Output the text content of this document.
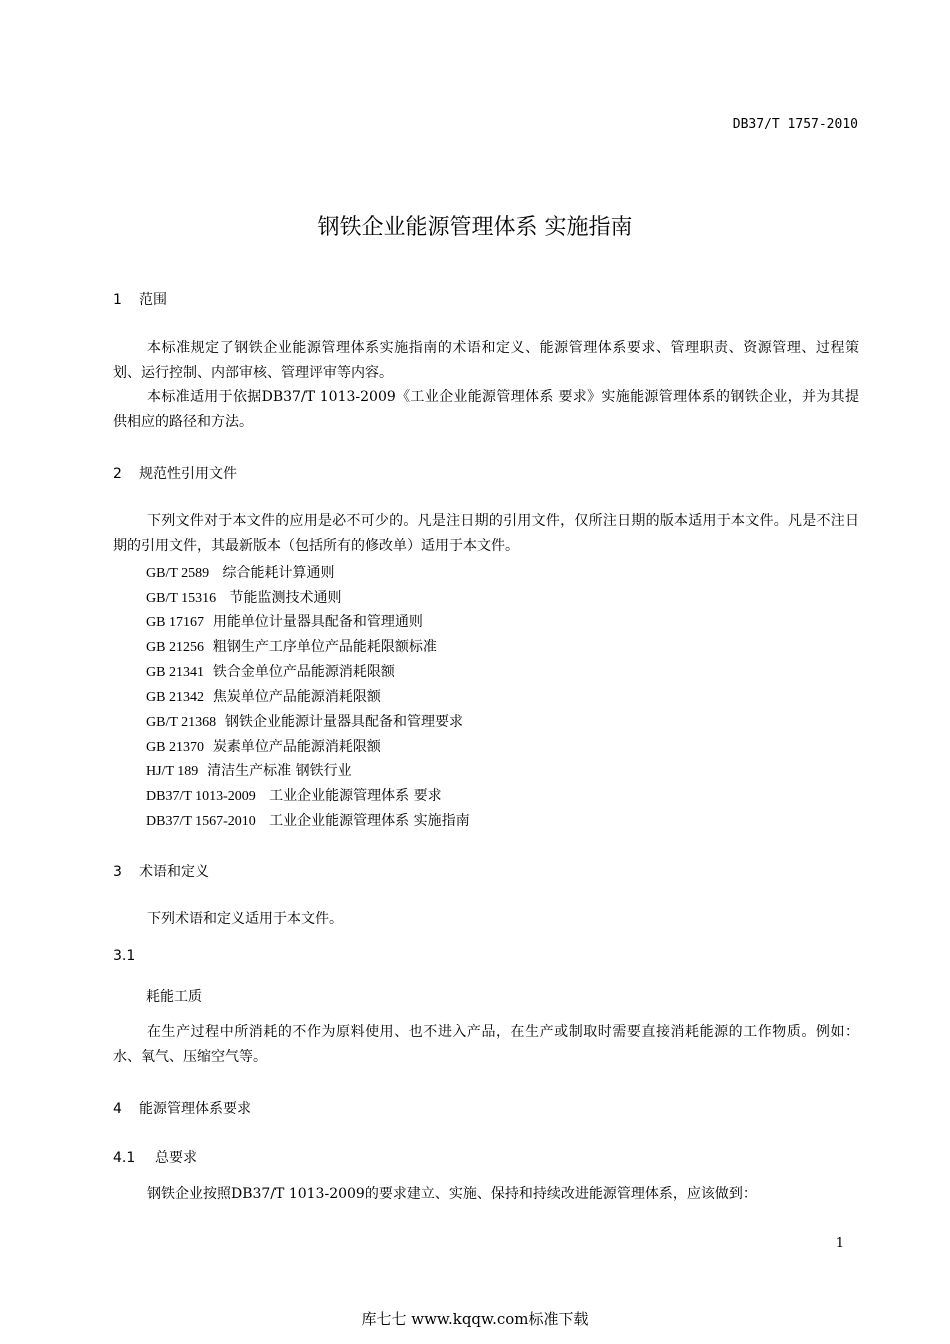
DB37/T 1757-2010
钢铁企业能源管理体系 实施指南
1 范围
本标准规定了钢铁企业能源管理体系实施指南的术语和定义、能源管理体系要求、管理职责、资源管理、过程策划、运行控制、内部审核、管理评审等内容。
本标准适用于依据DB37/T 1013-2009《工业企业能源管理体系 要求》实施能源管理体系的钢铁企业，并为其提供相应的路径和方法。
2 规范性引用文件
下列文件对于本文件的应用是必不可少的。凡是注日期的引用文件，仅所注日期的版本适用于本文件。凡是不注日期的引用文件，其最新版本（包括所有的修改单）适用于本文件。
GB/T 2589 综合能耗计算通则
GB/T 15316 节能监测技术通则
GB 17167 用能单位计量器具配备和管理通则
GB 21256 粗钢生产工序单位产品能耗限额标准
GB 21341 铁合金单位产品能源消耗限额
GB 21342 焦炭单位产品能源消耗限额
GB/T 21368 钢铁企业能源计量器具配备和管理要求
GB 21370 炭素单位产品能源消耗限额
HJ/T 189 清洁生产标准 钢铁行业
DB37/T 1013-2009 工业企业能源管理体系 要求
DB37/T 1567-2010 工业企业能源管理体系 实施指南
3 术语和定义
下列术语和定义适用于本文件。
3.1
耗能工质
在生产过程中所消耗的不作为原料使用、也不进入产品，在生产或制取时需要直接消耗能源的工作物质。例如：水、氧气、压缩空气等。
4 能源管理体系要求
4.1 总要求
钢铁企业按照DB37/T 1013-2009的要求建立、实施、保持和持续改进能源管理体系，应该做到：
1
库七七 www.kqqw.com标准下载
